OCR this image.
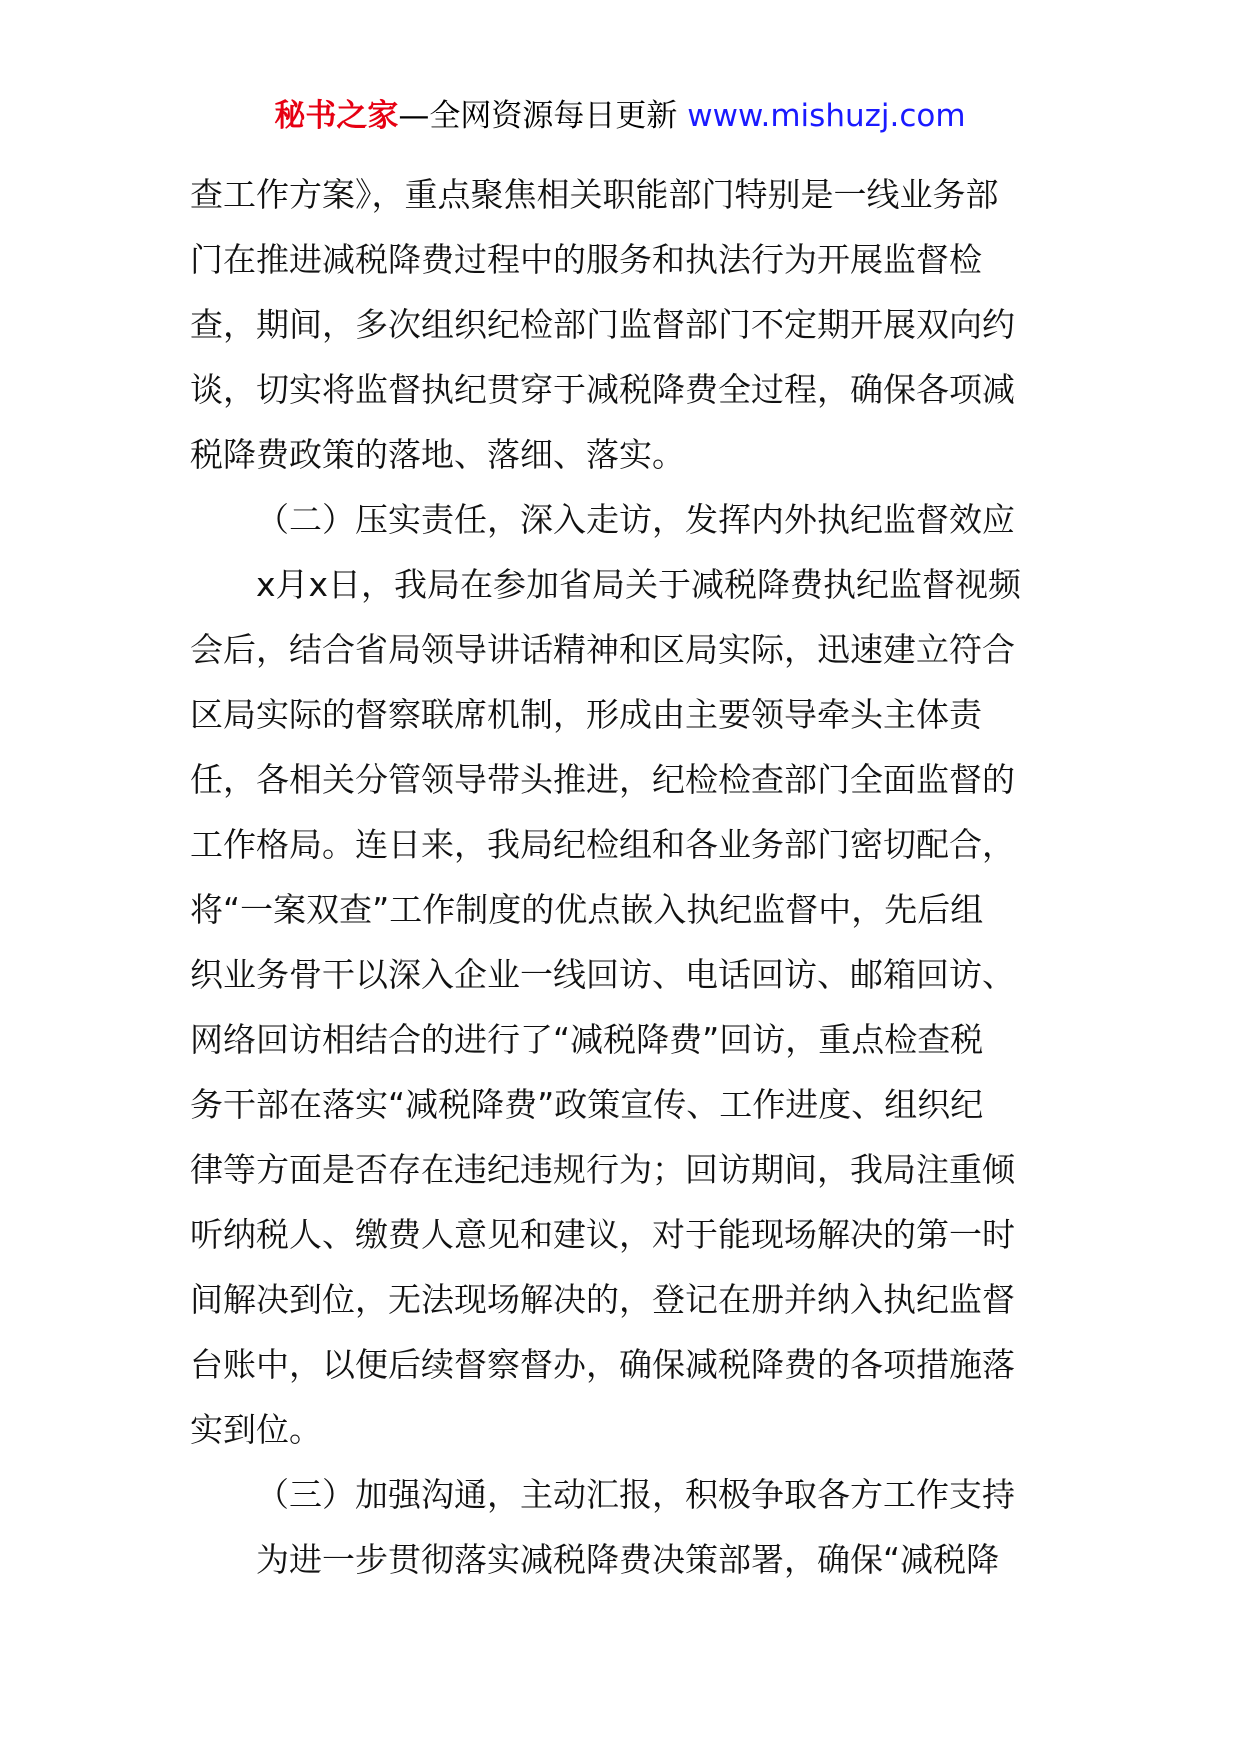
秘书之家—全网资源每日更新 www.mishuzj.com
查工作方案》，重点聚焦相关职能部门特别是一线业务部
门在推进减税降费过程中的服务和执法行为开展监督检
查，期间，多次组织纪检部门监督部门不定期开展双向约
谈，切实将监督执纪贯穿于减税降费全过程，确保各项减
税降费政策的落地、落细、落实。
（二）压实责任，深入走访，发挥内外执纪监督效应
x月x日，我局在参加省局关于减税降费执纪监督视频
会后，结合省局领导讲话精神和区局实际，迅速建立符合
区局实际的督察联席机制，形成由主要领导牵头主体责
任，各相关分管领导带头推进，纪检检查部门全面监督的
工作格局。连日来，我局纪检组和各业务部门密切配合，
将“一案双查”工作制度的优点嵌入执纪监督中，先后组
织业务骨干以深入企业一线回访、电话回访、邮箱回访、
网络回访相结合的进行了“减税降费”回访，重点检查税
务干部在落实“减税降费”政策宣传、工作进度、组织纪
律等方面是否存在违纪违规行为；回访期间，我局注重倾
听纳税人、缴费人意见和建议，对于能现场解决的第一时
间解决到位，无法现场解决的，登记在册并纳入执纪监督
台账中，以便后续督察督办，确保减税降费的各项措施落
实到位。
（三）加强沟通，主动汇报，积极争取各方工作支持
为进一步贯彻落实减税降费决策部署，确保“减税降
